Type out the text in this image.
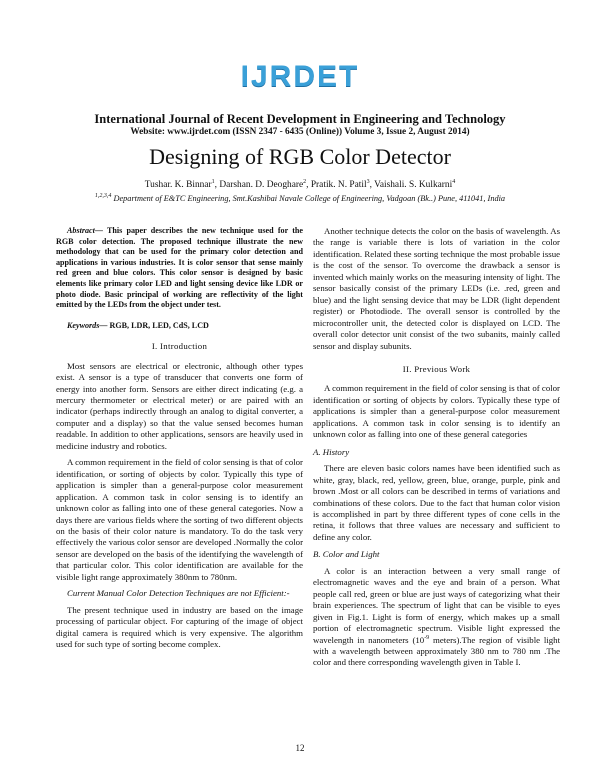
IJRDET
International Journal of Recent Development in Engineering and Technology
Website: www.ijrdet.com (ISSN 2347 - 6435 (Online)) Volume 3, Issue 2, August 2014)
Designing of RGB Color Detector
Tushar. K. Binnar$^1$, Darshan. D. Deoghare$^2$, Pratik. N. Patil$^3$, Vaishali. S. Kulkarni$^4$
$^{1,2,3,4}$ Department of E&TC Engineering, Smt.Kashibai Navale College of Engineering, Vadgoan (Bk..) Pune, 411041, India

Abstract— This paper describes the new technique used for the RGB color detection. The proposed technique illustrate the new methodology that can be used for the primary color detection and applications in various industries. It is color sensor that sense mainly red green and blue colors. This color sensor is designed by basic elements like primary color LED and light sensing device like LDR or photo diode. Basic principal of working are reflectivity of the light emitted by the LEDs from the object under test.

Keywords— RGB, LDR, LED, CdS, LCD

I. Introduction

Most sensors are electrical or electronic, although other types exist. A sensor is a type of transducer that converts one form of energy into another form. Sensors are either direct indicating (e.g. a mercury thermometer or electrical meter) or are paired with an indicator (perhaps indirectly through an analog to digital converter, a computer and a display) so that the value sensed becomes human readable. In addition to other applications, sensors are heavily used in medicine industry and robotics.

A common requirement in the field of color sensing is that of color identification, or sorting of objects by color. Typically this type of application is simpler than a general-purpose color measurement application. A common task in color sensing is to identify an unknown color as falling into one of these general categories. Now a days there are various fields where the sorting of two different objects on the basis of their color nature is mandatory. To do the task very effectively the various color sensor are developed .Normally the color sensor are developed on the basis of the identifying the wavelength of that particular color. This color identification are available for the visible light range approximately 380nm to 780nm.

Current Manual Color Detection Techniques are not Efficient:-

The present technique used in industry are based on the image processing of particular object. For capturing of the image of object digital camera is required which is very expensive. The algorithm used for such type of sorting become complex.

Another technique detects the color on the basis of wavelength. As the range is variable there is lots of variation in the color identification. Related these sorting technique the most probable issue is the cost of the sensor. To overcome the drawback a sensor is invented which mainly works on the measuring intensity of light. The sensor basically consist of the primary LEDs (i.e. .red, green and blue) and the light sensing device that may be LDR (light dependent register) or Photodiode. The overall sensor is controlled by the microcontroller unit, the detected color is displayed on LCD. The overall color detector unit consist of the two subanits, mainly called sensor and display subunits.

II. Previous Work

A common requirement in the field of color sensing is that of color identification or sorting of objects by colors. Typically these type of applications is simpler than a general-purpose color measurement applications. A common task in color sensing is to identify an unknown color as falling into one of these general categories

A. History

There are eleven basic colors names have been identified such as white, gray, black, red, yellow, green, blue, orange, purple, pink and brown .Most or all colors can be described in terms of variations and combinations of these colors. Due to the fact that human color vision is accomplished in part by three different types of cone cells in the retina, it follows that three values are necessary and sufficient to define any color.

B. Color and Light

A color is an interaction between a very small range of electromagnetic waves and the eye and brain of a person. What people call red, green or blue are just ways of categorizing what their brain experiences. The spectrum of light that can be visible to eyes given in Fig.1. Light is form of energy, which makes up a small portion of electromagnetic spectrum. Visible light expressed the wavelength in nanometers ($10^{-9}$ meters).The region of visible light with a wavelength between approximately 380 nm to 780 nm .The color and there corresponding wavelength given in Table I.

12
